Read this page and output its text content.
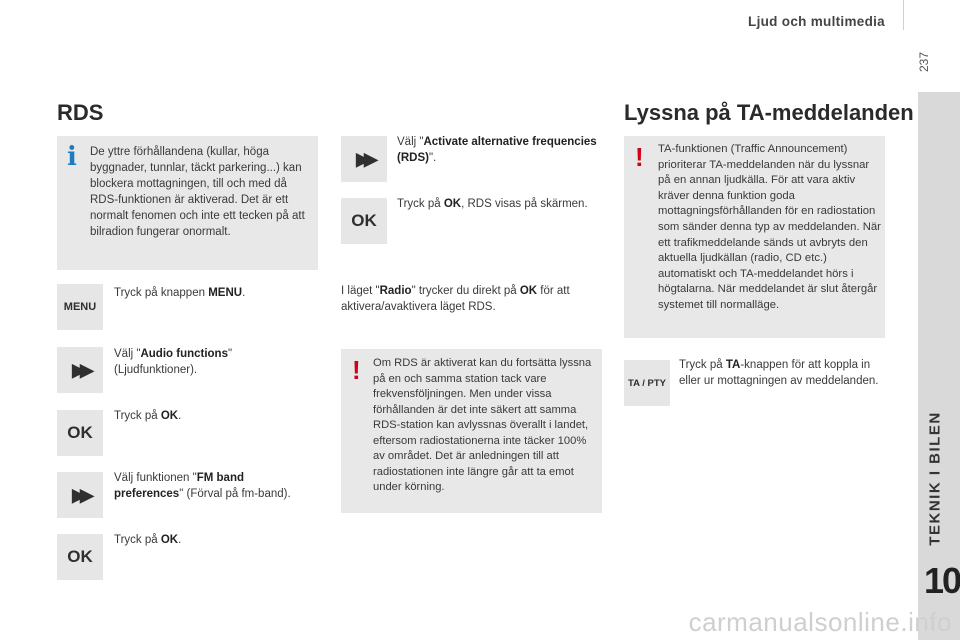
Ljud och multimedia
237
TEKNIK I BILEN
10
RDS
i De yttre förhållandena (kullar, höga byggnader, tunnlar, täckt parkering...) kan blockera mottagningen, till och med då RDS-funktionen är aktiverad. Det är ett normalt fenomen och inte ett tecken på att bilradion fungerar onormalt.
MENU
Tryck på knappen MENU.
▶▶
Välj "Audio functions" (Ljudfunktioner).
OK
Tryck på OK.
▶▶
Välj funktionen "FM band preferences" (Förval på fm-band).
OK
Tryck på OK.
▶▶
Välj "Activate alternative frequencies (RDS)".
OK
Tryck på OK, RDS visas på skärmen.
I läget "Radio" trycker du direkt på OK för att aktivera/avaktivera läget RDS.
! Om RDS är aktiverat kan du fortsätta lyssna på en och samma station tack vare frekvensföljningen. Men under vissa förhållanden är det inte säkert att samma RDS-station kan avlyssnas överallt i landet, eftersom radiostationerna inte täcker 100% av området. Det är anledningen till att radiostationen inte längre går att ta emot under körning.
Lyssna på TA-meddelanden
! TA-funktionen (Traffic Announcement) prioriterar TA-meddelanden när du lyssnar på en annan ljudkälla. För att vara aktiv kräver denna funktion goda mottagningsförhållanden för en radiostation som sänder denna typ av meddelanden. När ett trafikmeddelande sänds ut avbryts den aktuella ljudkällan (radio, CD etc.) automatiskt och TA-meddelandet hörs i högtalarna. När meddelandet är slut återgår systemet till normalläge.
TA / PTY
Tryck på TA-knappen för att koppla in eller ur mottagningen av meddelanden.
carmanualsonline.info
